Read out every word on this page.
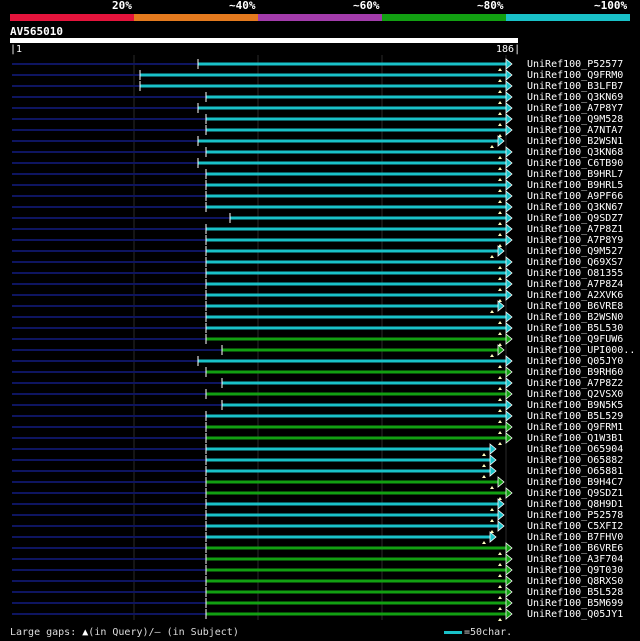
20%	~40%	~60%	~80%	~100%
AV565010
|1	186|
UniRef100_P52577
UniRef100_Q9FRM0
UniRef100_B3LFB7
UniRef100_Q3KN69
UniRef100_A7P8Y7
UniRef100_Q9M528
UniRef100_A7NTA7
UniRef100_B2WSN1
UniRef100_Q3KN68
UniRef100_C6TB90
UniRef100_B9HRL7
UniRef100_B9HRL5
UniRef100_A9PF66
UniRef100_Q3KN67
UniRef100_Q9SDZ7
UniRef100_A7P8Z1
UniRef100_A7P8Y9
UniRef100_Q9M527
UniRef100_Q69XS7
UniRef100_O81355
UniRef100_A7P8Z4
UniRef100_A2XVK6
UniRef100_B6VRE8
UniRef100_B2WSN0
UniRef100_B5L530
UniRef100_Q9FUW6
UniRef100_UPI000..
UniRef100_Q05JY0
UniRef100_B9RH60
UniRef100_A7P8Z2
UniRef100_Q2VSX0
UniRef100_B9N5K5
UniRef100_B5L529
UniRef100_Q9FRM1
UniRef100_Q1W3B1
UniRef100_O65904
UniRef100_O65882
UniRef100_O65881
UniRef100_B9H4C7
UniRef100_Q9SDZ1
UniRef100_Q8H9D1
UniRef100_P52578
UniRef100_C5XFI2
UniRef100_B7FHV0
UniRef100_B6VRE6
UniRef100_A3F704
UniRef100_Q9T030
UniRef100_Q8RXS0
UniRef100_B5L528
UniRef100_B5M699
UniRef100_Q05JY1
Large gaps: ▲(in Query)/– (in Subject)	=50char.
